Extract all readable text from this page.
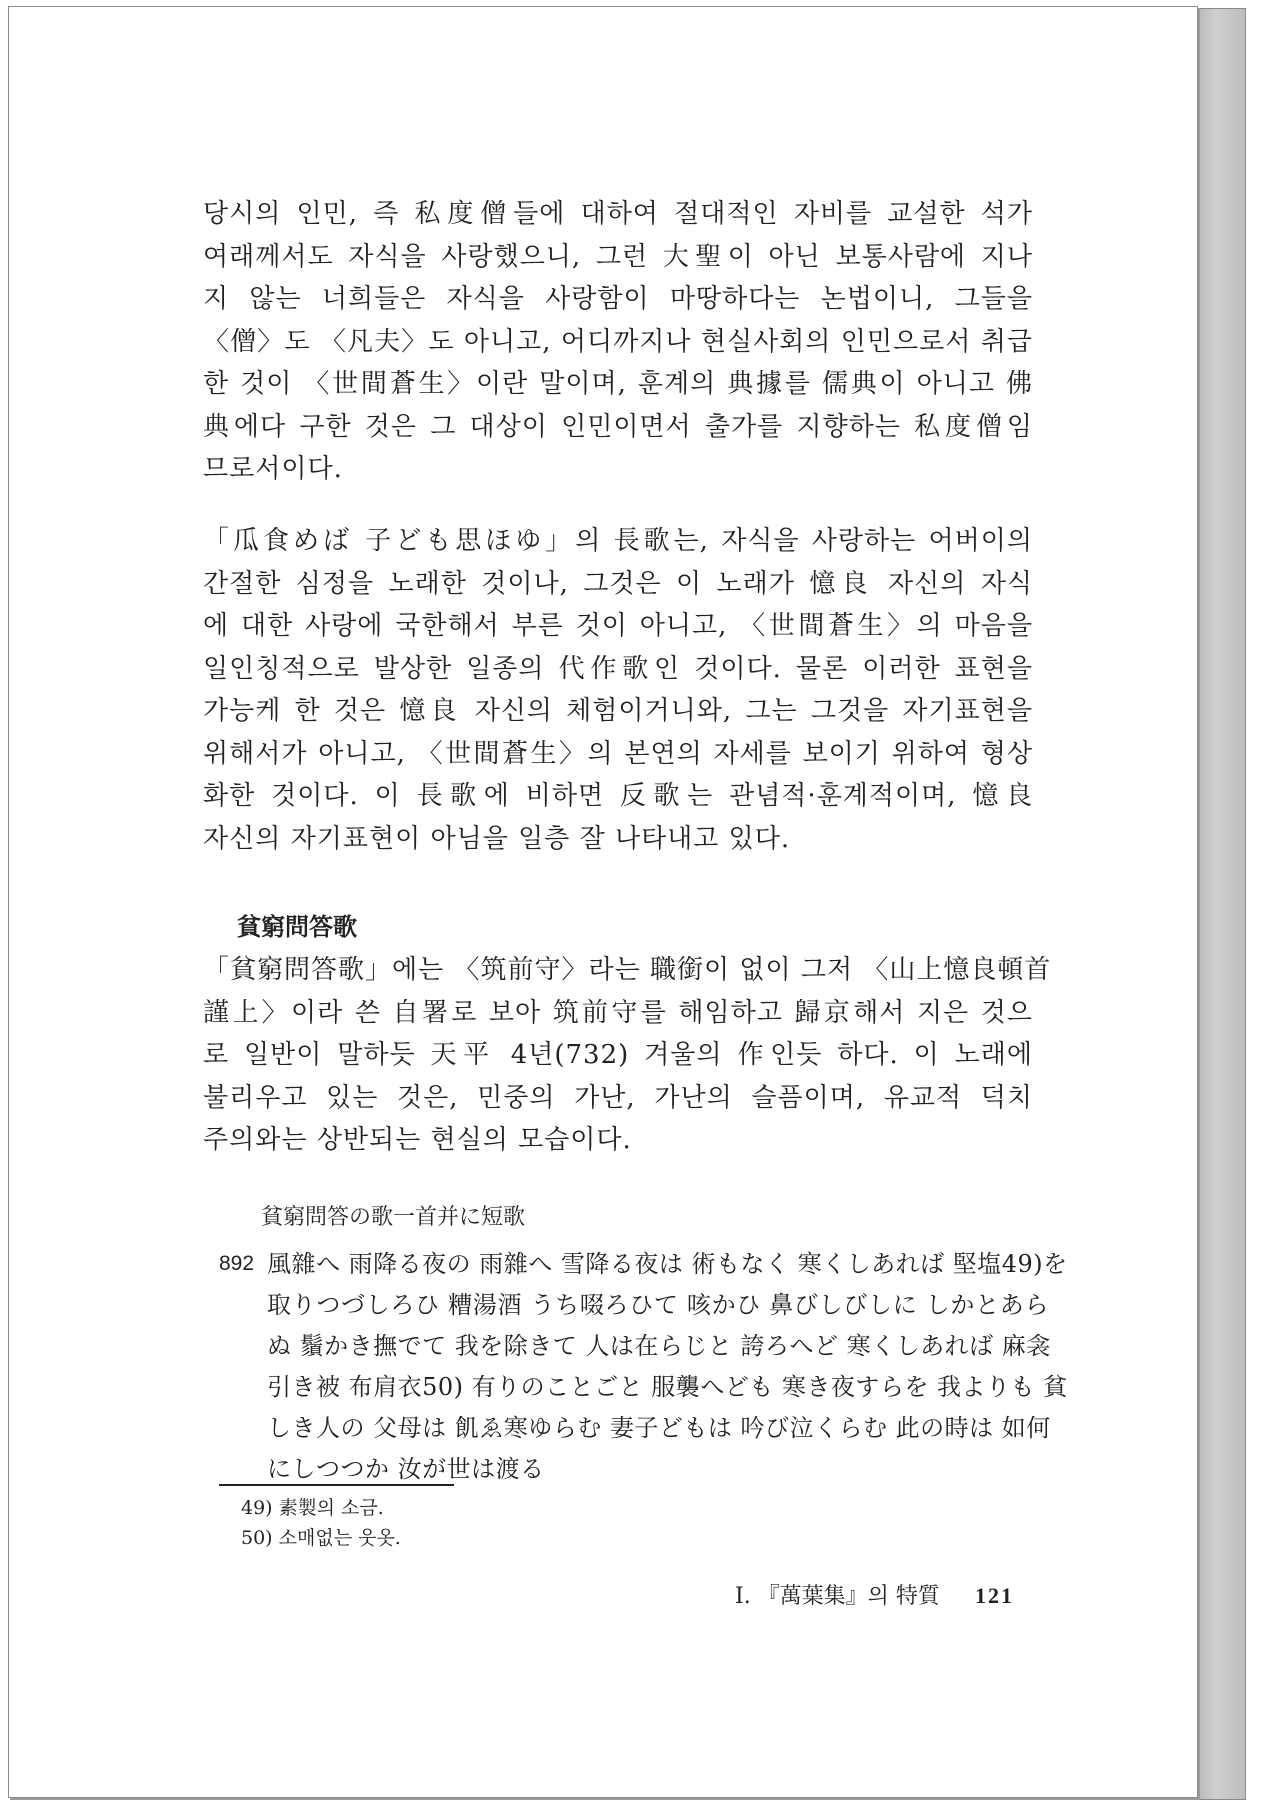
당시의 인민, 즉 私度僧들에 대하여 절대적인 자비를 교설한 석가
여래께서도 자식을 사랑했으니, 그런 大聖이 아닌 보통사람에 지나
지 않는 너희들은 자식을 사랑함이 마땅하다는 논법이니, 그들을
〈僧〉도 〈凡夫〉도 아니고, 어디까지나 현실사회의 인민으로서 취급
한 것이 〈世間蒼生〉이란 말이며, 훈계의 典據를 儒典이 아니고 佛
典에다 구한 것은 그 대상이 인민이면서 출가를 지향하는 私度僧임
므로서이다.
「瓜食めば 子ども思ほゆ」의 長歌는, 자식을 사랑하는 어버이의
간절한 심정을 노래한 것이나, 그것은 이 노래가 憶良 자신의 자식
에 대한 사랑에 국한해서 부른 것이 아니고, 〈世間蒼生〉의 마음을
일인칭적으로 발상한 일종의 代作歌인 것이다. 물론 이러한 표현을
가능케 한 것은 憶良 자신의 체험이거니와, 그는 그것을 자기표현을
위해서가 아니고, 〈世間蒼生〉의 본연의 자세를 보이기 위하여 형상
화한 것이다. 이 長歌에 비하면 反歌는 관념적·훈계적이며, 憶良
자신의 자기표현이 아님을 일층 잘 나타내고 있다.

貧窮問答歌

「貧窮問答歌」에는 〈筑前守〉라는 職銜이 없이 그저 〈山上憶良頓首
謹上〉이라 쓴 自署로 보아 筑前守를 해임하고 歸京해서 지은 것으
로 일반이 말하듯 天平 4년(732) 겨울의 作인듯 하다. 이 노래에
불리우고 있는 것은, 민중의 가난, 가난의 슬픔이며, 유교적 덕치
주의와는 상반되는 현실의 모습이다.

貧窮問答の歌一首并に短歌

892 風雜へ 雨降る夜の 雨雜へ 雪降る夜は 術もなく 寒くしあれば 堅塩49)を
取りつづしろひ 糟湯酒 うち啜ろひて 咳かひ 鼻びしびしに しかとあら
ぬ 鬚かき撫でて 我を除きて 人は在らじと 誇ろへど 寒くしあれば 麻衾
引き被 布肩衣50) 有りのことごと 服襲へども 寒き夜すらを 我よりも 貧
しき人の 父母は 飢ゑ寒ゆらむ 妻子どもは 吟び泣くらむ 此の時は 如何
にしつつか 汝が世は渡る
49) 素製의 소금.
50) 소매없는 웃옷.

I. 『萬葉集』의 特質 121
